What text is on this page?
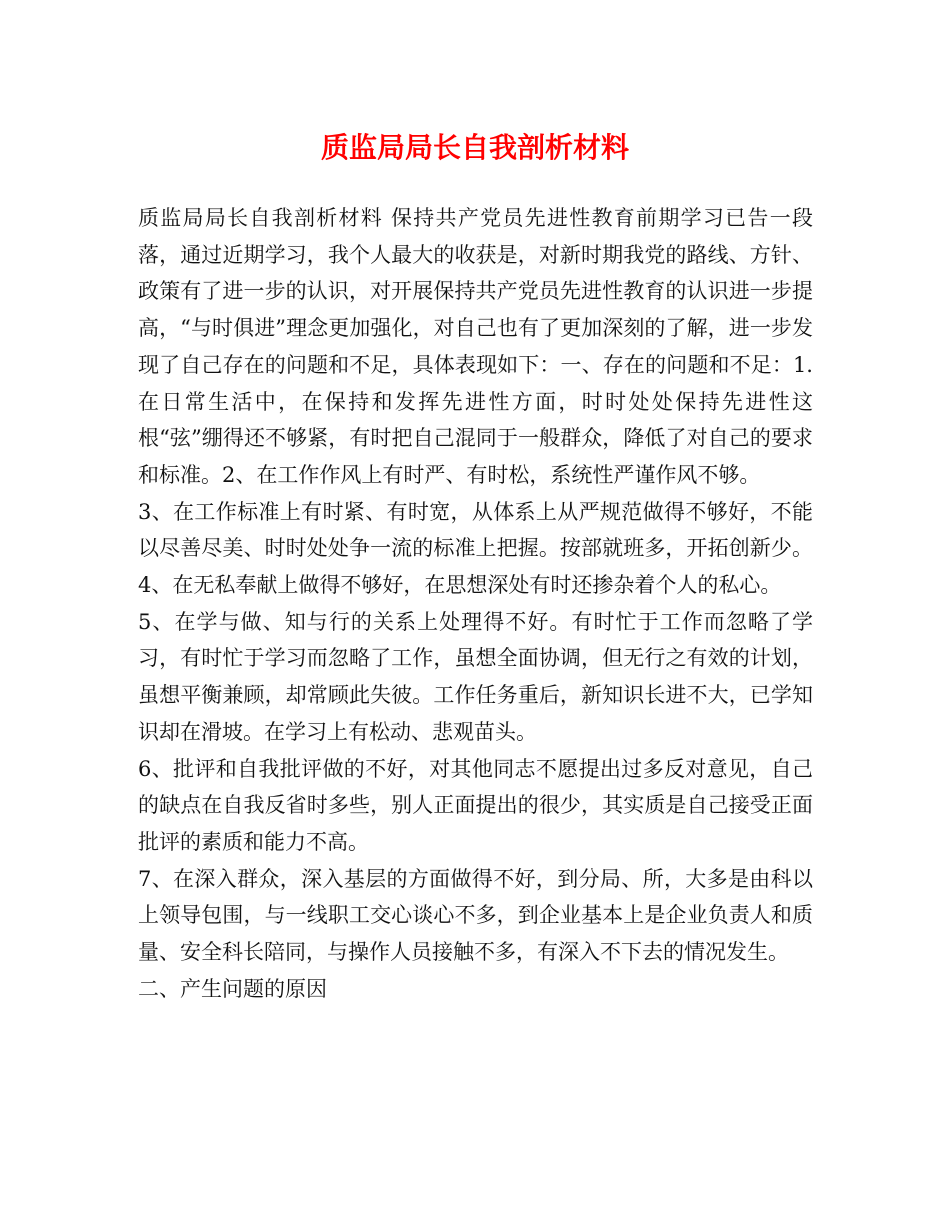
质监局局长自我剖析材料

质监局局长自我剖析材料 保持共产党员先进性教育前期学习已告一段落，通过近期学习，我个人最大的收获是，对新时期我党的路线、方针、政策有了进一步的认识，对开展保持共产党员先进性教育的认识进一步提高，“与时俱进”理念更加强化，对自己也有了更加深刻的了解，进一步发现了自己存在的问题和不足，具体表现如下：一、存在的问题和不足：1.在日常生活中，在保持和发挥先进性方面，时时处处保持先进性这根“弦”绷得还不够紧，有时把自己混同于一般群众，降低了对自己的要求和标准。2、在工作作风上有时严、有时松，系统性严谨作风不够。

3、在工作标准上有时紧、有时宽，从体系上从严规范做得不够好，不能以尽善尽美、时时处处争一流的标准上把握。按部就班多，开拓创新少。4、在无私奉献上做得不够好，在思想深处有时还掺杂着个人的私心。

5、在学与做、知与行的关系上处理得不好。有时忙于工作而忽略了学习，有时忙于学习而忽略了工作，虽想全面协调，但无行之有效的计划，虽想平衡兼顾，却常顾此失彼。工作任务重后，新知识长进不大，已学知识却在滑坡。在学习上有松动、悲观苗头。

6、批评和自我批评做的不好，对其他同志不愿提出过多反对意见，自己的缺点在自我反省时多些，别人正面提出的很少，其实质是自己接受正面批评的素质和能力不高。

7、在深入群众，深入基层的方面做得不好，到分局、所，大多是由科以上领导包围，与一线职工交心谈心不多，到企业基本上是企业负责人和质量、安全科长陪同，与操作人员接触不多，有深入不下去的情况发生。

二、产生问题的原因
